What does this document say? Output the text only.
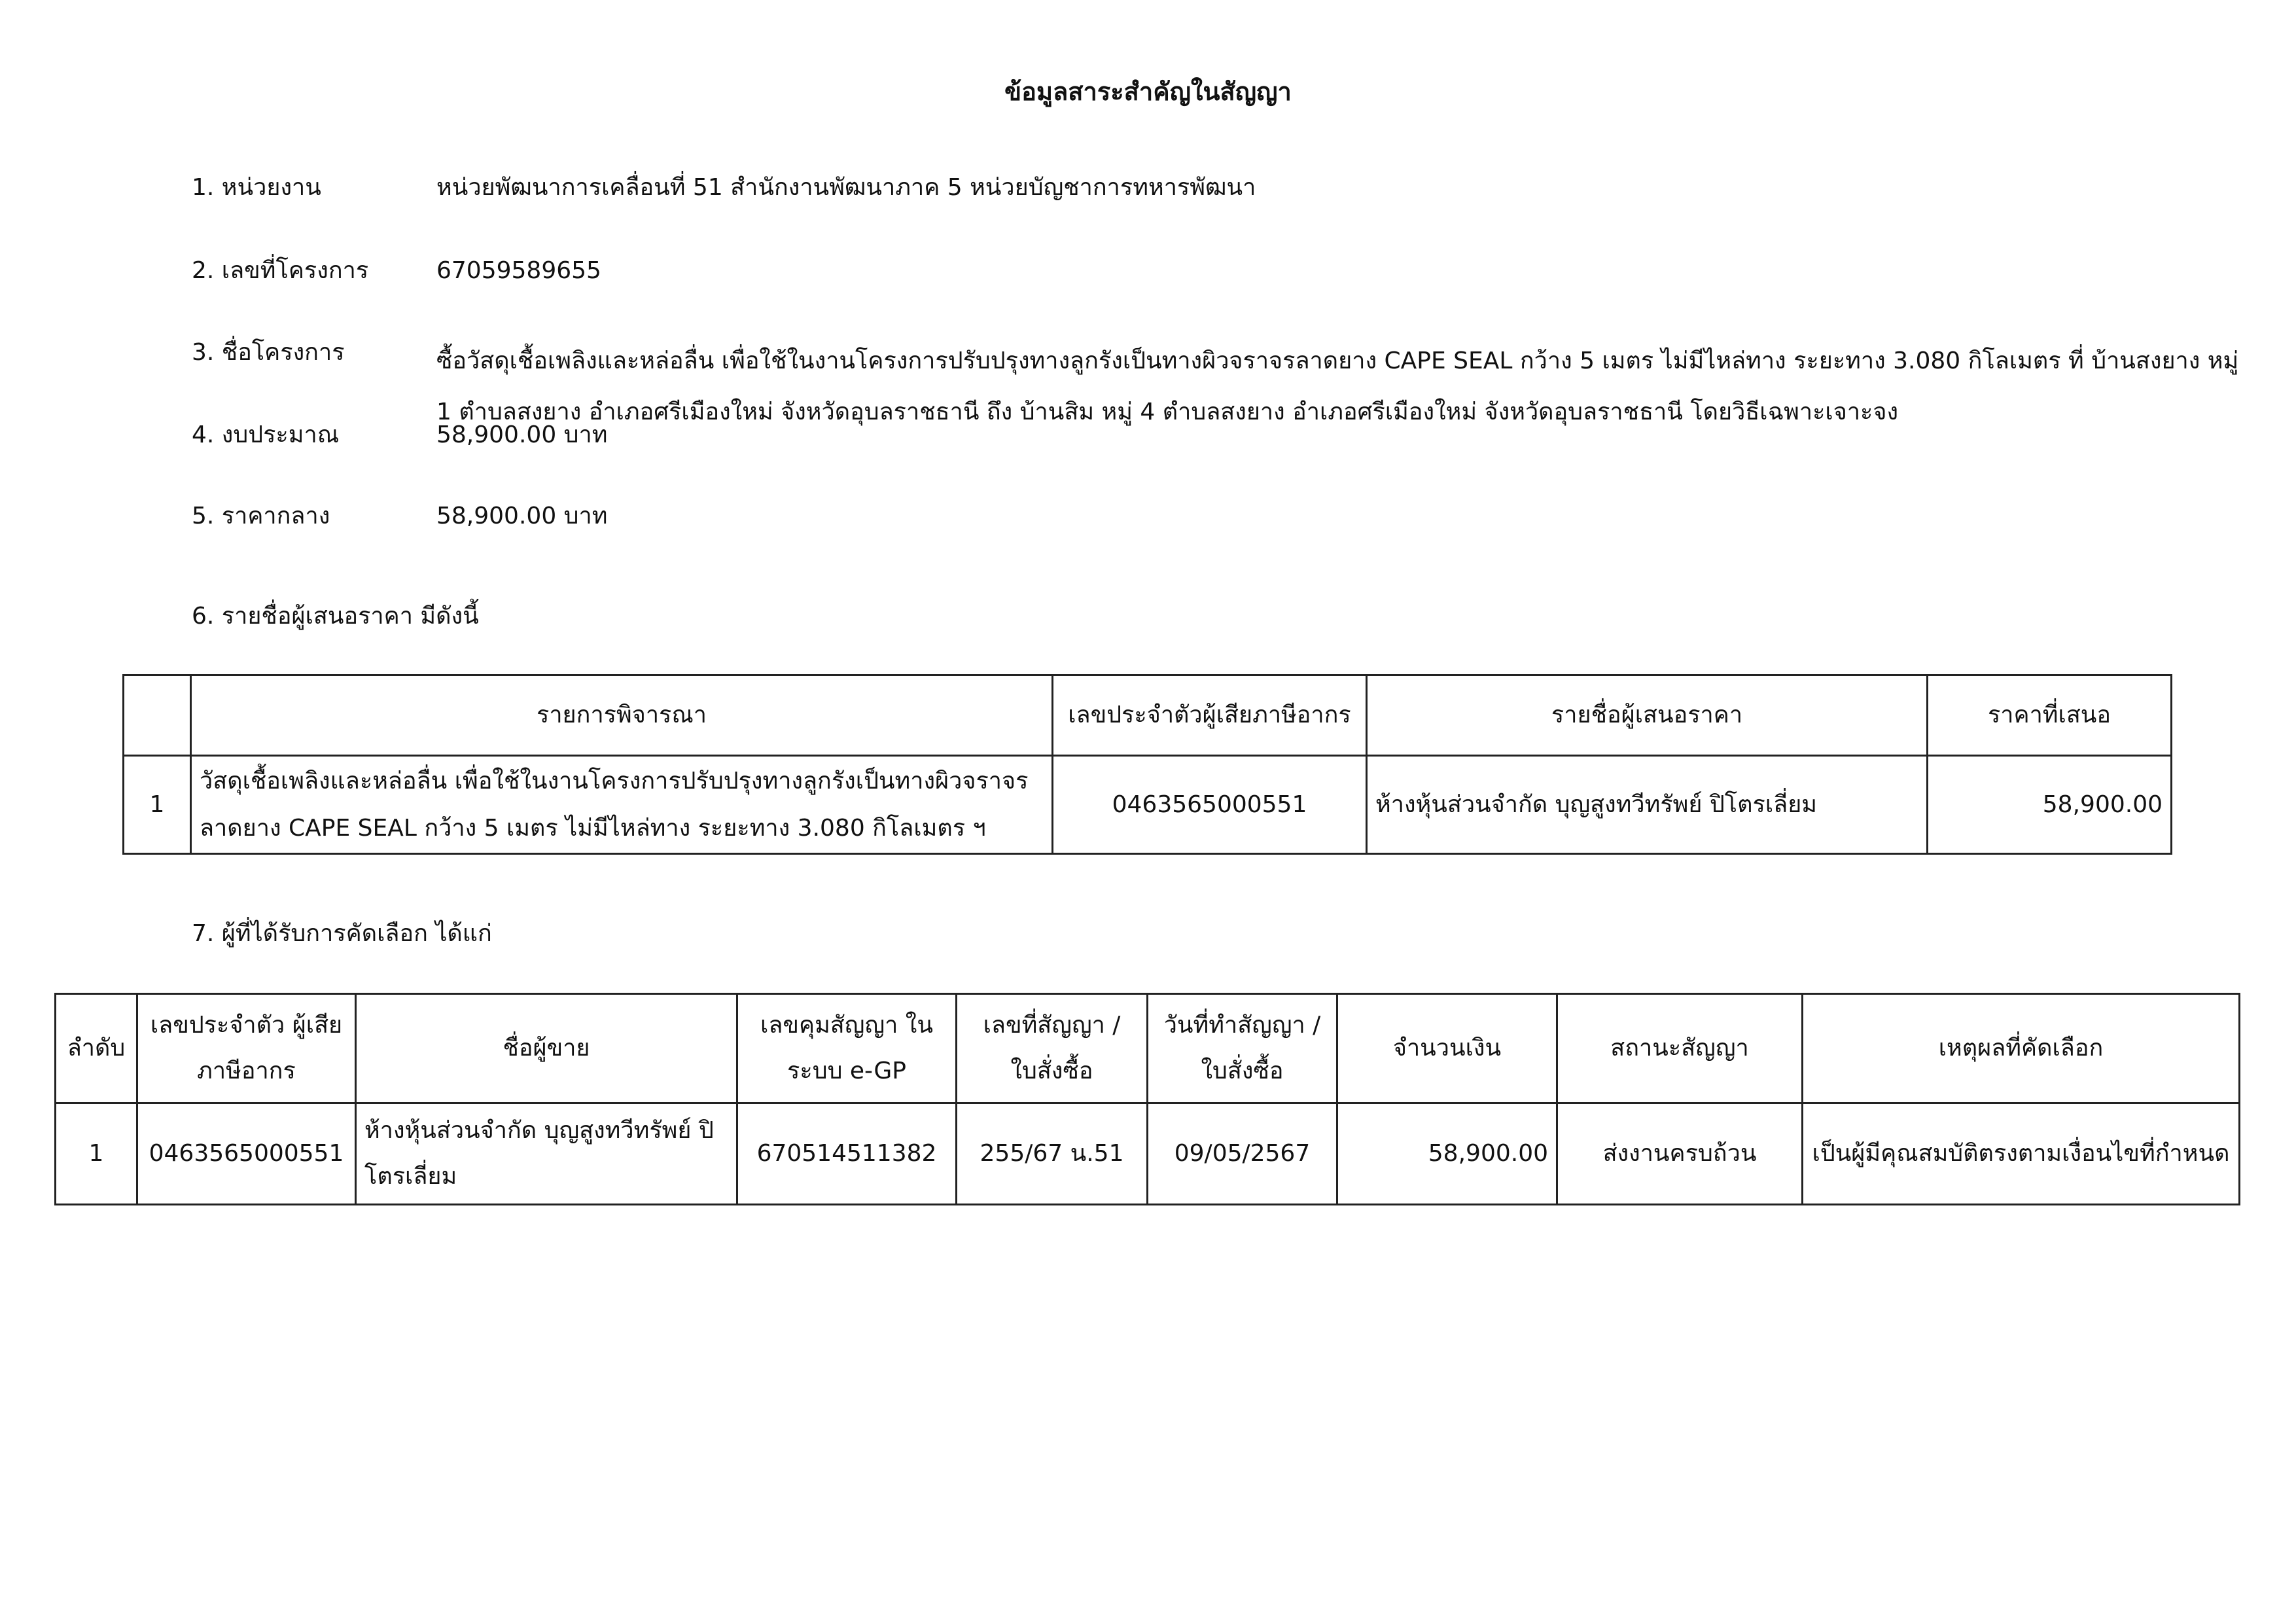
ข้อมูลสาระสำคัญในสัญญา
1. หน่วยงาน	หน่วยพัฒนาการเคลื่อนที่ 51 สำนักงานพัฒนาภาค 5 หน่วยบัญชาการทหารพัฒนา
2. เลขที่โครงการ	67059589655
3. ชื่อโครงการ	ซื้อวัสดุเชื้อเพลิงและหล่อลื่น เพื่อใช้ในงานโครงการปรับปรุงทางลูกรังเป็นทางผิวจราจรลาดยาง CAPE SEAL กว้าง 5 เมตร ไม่มีไหล่ทาง ระยะทาง 3.080 กิโลเมตร ที่ บ้านสงยาง หมู่ 1 ตำบลสงยาง อำเภอศรีเมืองใหม่ จังหวัดอุบลราชธานี ถึง บ้านสิม หมู่ 4 ตำบลสงยาง อำเภอศรีเมืองใหม่ จังหวัดอุบลราชธานี โดยวิธีเฉพาะเจาะจง
4. งบประมาณ	58,900.00 บาท
5. ราคากลาง	58,900.00 บาท
6. รายชื่อผู้เสนอราคา มีดังนี้
	รายการพิจารณา	เลขประจำตัวผู้เสียภาษีอากร	รายชื่อผู้เสนอราคา	ราคาที่เสนอ
1	วัสดุเชื้อเพลิงและหล่อลื่น เพื่อใช้ในงานโครงการปรับปรุงทางลูกรังเป็นทางผิวจราจร ลาดยาง CAPE SEAL กว้าง 5 เมตร ไม่มีไหล่ทาง ระยะทาง 3.080 กิโลเมตร ฯ	0463565000551	ห้างหุ้นส่วนจำกัด บุญสูงทวีทรัพย์ ปิโตรเลี่ยม	58,900.00
7. ผู้ที่ได้รับการคัดเลือก ได้แก่
ลำดับ	เลขประจำตัว ผู้เสียภาษีอากร	ชื่อผู้ขาย	เลขคุมสัญญา ในระบบ e-GP	เลขที่สัญญา / ใบสั่งซื้อ	วันที่ทำสัญญา / ใบสั่งซื้อ	จำนวนเงิน	สถานะสัญญา	เหตุผลที่คัดเลือก
1	0463565000551	ห้างหุ้นส่วนจำกัด บุญสูงทวีทรัพย์ ปิโตรเลี่ยม	670514511382	255/67 น.51	09/05/2567	58,900.00	ส่งงานครบถ้วน	เป็นผู้มีคุณสมบัติตรงตามเงื่อนไขที่กำหนด
